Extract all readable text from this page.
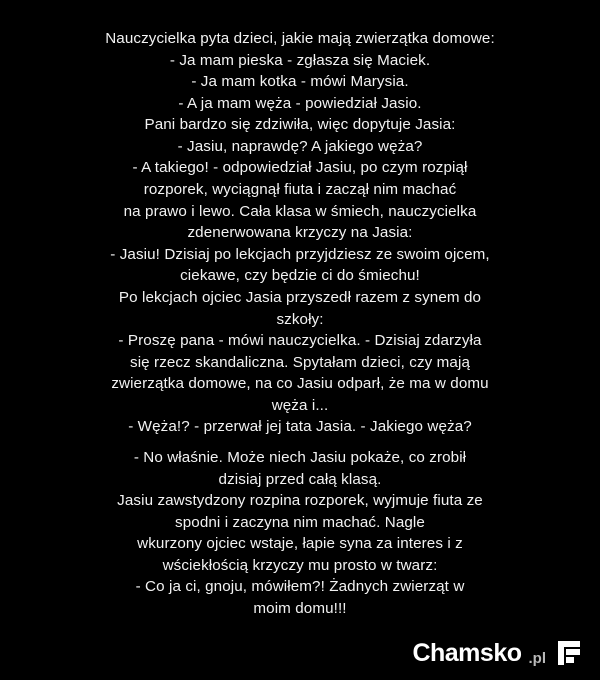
Nauczycielka pyta dzieci, jakie mają zwierzątka domowe:
- Ja mam pieska - zgłasza się Maciek.
- Ja mam kotka - mówi Marysia.
- A ja mam węża - powiedział Jasio.
Pani bardzo się zdziwiła, więc dopytuje Jasia:
- Jasiu, naprawdę? A jakiego węża?
- A takiego! - odpowiedział Jasiu, po czym rozpiął
rozporek, wyciągnął fiuta i zaczął nim machać
na prawo i lewo. Cała klasa w śmiech, nauczycielka
zdenerwowana krzyczy na Jasia:
- Jasiu! Dzisiaj po lekcjach przyjdziesz ze swoim ojcem,
ciekawe, czy będzie ci do śmiechu!
Po lekcjach ojciec Jasia przyszedł razem z synem do
szkoły:
- Proszę pana - mówi nauczycielka. - Dzisiaj zdarzyła
się rzecz skandaliczna. Spytałam dzieci, czy mają
zwierzątka domowe, na co Jasiu odparł, że ma w domu
węża i...
- Węża!? - przerwał jej tata Jasia. - Jakiego węża?
- No właśnie. Może niech Jasiu pokaże, co zrobił
dzisiaj przed całą klasą.
Jasiu zawstydzony rozpina rozporek, wyjmuje fiuta ze
spodni i zaczyna nim machać. Nagle
wkurzony ojciec wstaje, łapie syna za interes i z
wściekłością krzyczy mu prosto w twarz:
- Co ja ci, gnoju, mówiłem?! Żadnych zwierząt w
moim domu!!!
Chamsko .pl
